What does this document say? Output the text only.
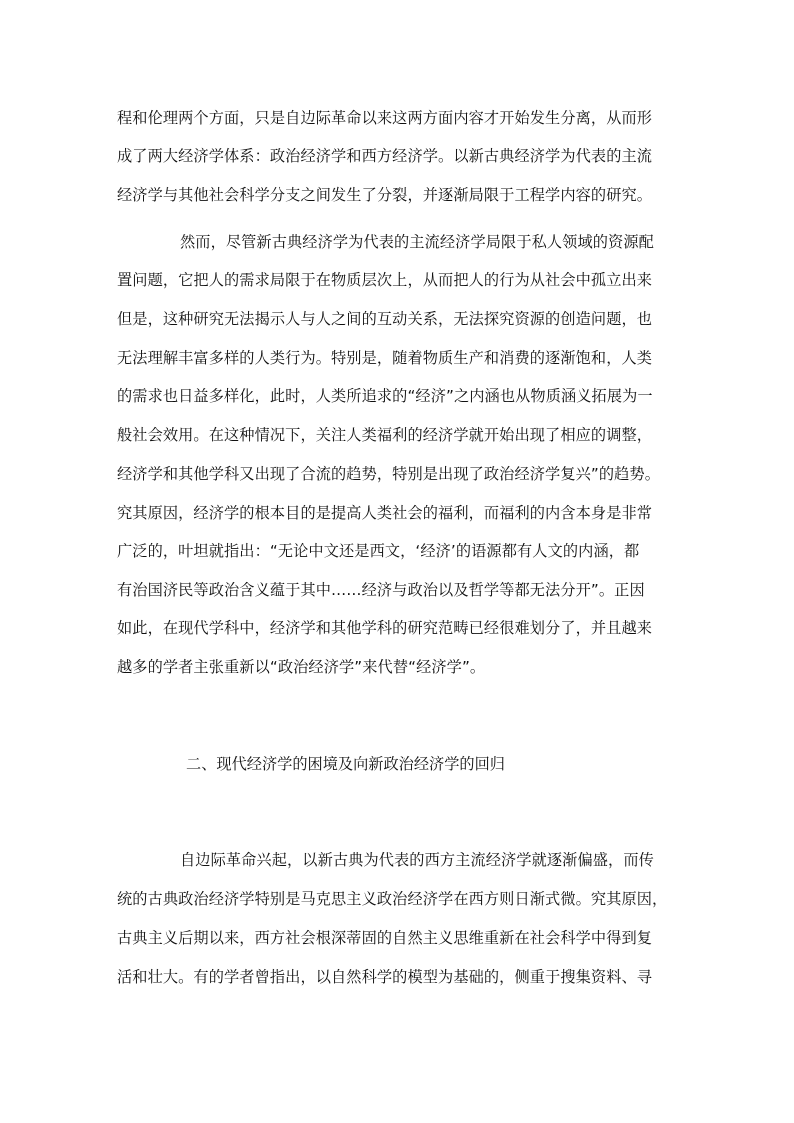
程和伦理两个方面，只是自边际革命以来这两方面内容才开始发生分离，从而形
成了两大经济学体系：政治经济学和西方经济学。以新古典经济学为代表的主流
经济学与其他社会科学分支之间发生了分裂，并逐渐局限于工程学内容的研究。
然而，尽管新古典经济学为代表的主流经济学局限于私人领域的资源配
置问题，它把人的需求局限于在物质层次上，从而把人的行为从社会中孤立出来
但是，这种研究无法揭示人与人之间的互动关系，无法探究资源的创造问题，也
无法理解丰富多样的人类行为。特别是，随着物质生产和消费的逐渐饱和，人类
的需求也日益多样化，此时，人类所追求的“经济”之内涵也从物质涵义拓展为一
般社会效用。在这种情况下，关注人类福利的经济学就开始出现了相应的调整，
经济学和其他学科又出现了合流的趋势，特别是出现了政治经济学复兴”的趋势。
究其原因，经济学的根本目的是提高人类社会的福利，而福利的内含本身是非常
广泛的，叶坦就指出：“无论中文还是西文，‘经济’的语源都有人文的内涵，都
有治国济民等政治含义蕴于其中……经济与政治以及哲学等都无法分开”。正因
如此，在现代学科中，经济学和其他学科的研究范畴已经很难划分了，并且越来
越多的学者主张重新以“政治经济学”来代替“经济学”。
二、现代经济学的困境及向新政治经济学的回归
自边际革命兴起，以新古典为代表的西方主流经济学就逐渐偏盛，而传
统的古典政治经济学特别是马克思主义政治经济学在西方则日渐式微。究其原因，
古典主义后期以来，西方社会根深蒂固的自然主义思维重新在社会科学中得到复
活和壮大。有的学者曾指出，以自然科学的模型为基础的，侧重于搜集资料、寻
